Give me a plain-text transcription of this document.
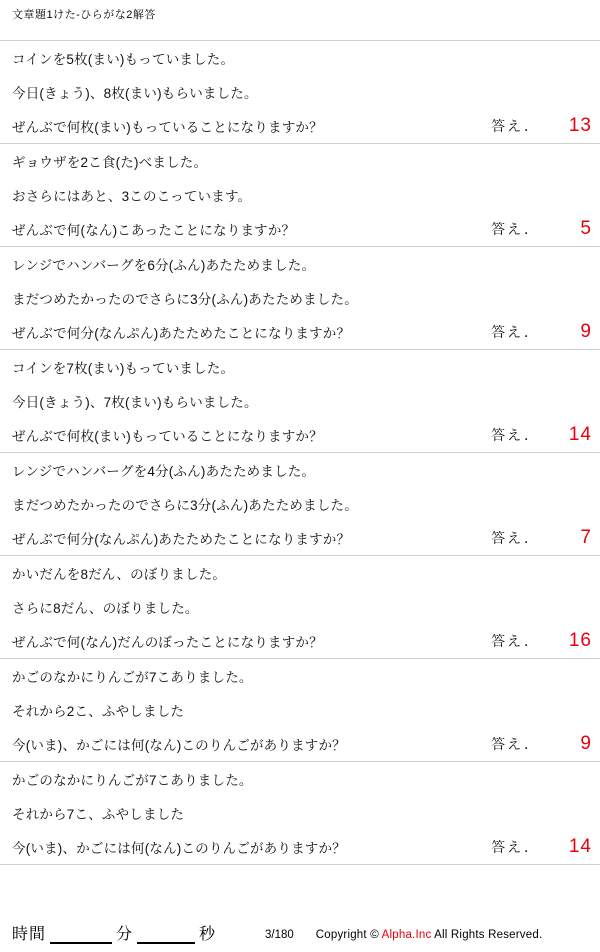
文章題1けた-ひらがな2解答
コインを5枚(まい)もっていました。
今日(きょう)、8枚(まい)もらいました。
ぜんぶで何枚(まい)もっていることになりますか？	答え．	13
ギョウザを2こ食(た)べました。
おさらにはあと、3このこっています。
ぜんぶで何(なん)こあったことになりますか？	答え．	5
レンジでハンバーグを6分(ふん)あたためました。
まだつめたかったのでさらに3分(ふん)あたためました。
ぜんぶで何分(なんぷん)あたためたことになりますか？	答え．	9
コインを7枚(まい)もっていました。
今日(きょう)、7枚(まい)もらいました。
ぜんぶで何枚(まい)もっていることになりますか？	答え．	14
レンジでハンバーグを4分(ふん)あたためました。
まだつめたかったのでさらに3分(ふん)あたためました。
ぜんぶで何分(なんぷん)あたためたことになりますか？	答え．	7
かいだんを8だん、のぼりました。
さらに8だん、のぼりました。
ぜんぶで何(なん)だんのぼったことになりますか？	答え．	16
かごのなかにりんごが7こありました。
それから2こ、ふやしました
今(いま)、かごには何(なん)このりんごがありますか？	答え．	9
かごのなかにりんごが7こありました。
それから7こ、ふやしました
今(いま)、かごには何(なん)このりんごがありますか？	答え．	14
時間	分	秒	3/180 Copyright © Alpha.Inc All Rights Reserved.
